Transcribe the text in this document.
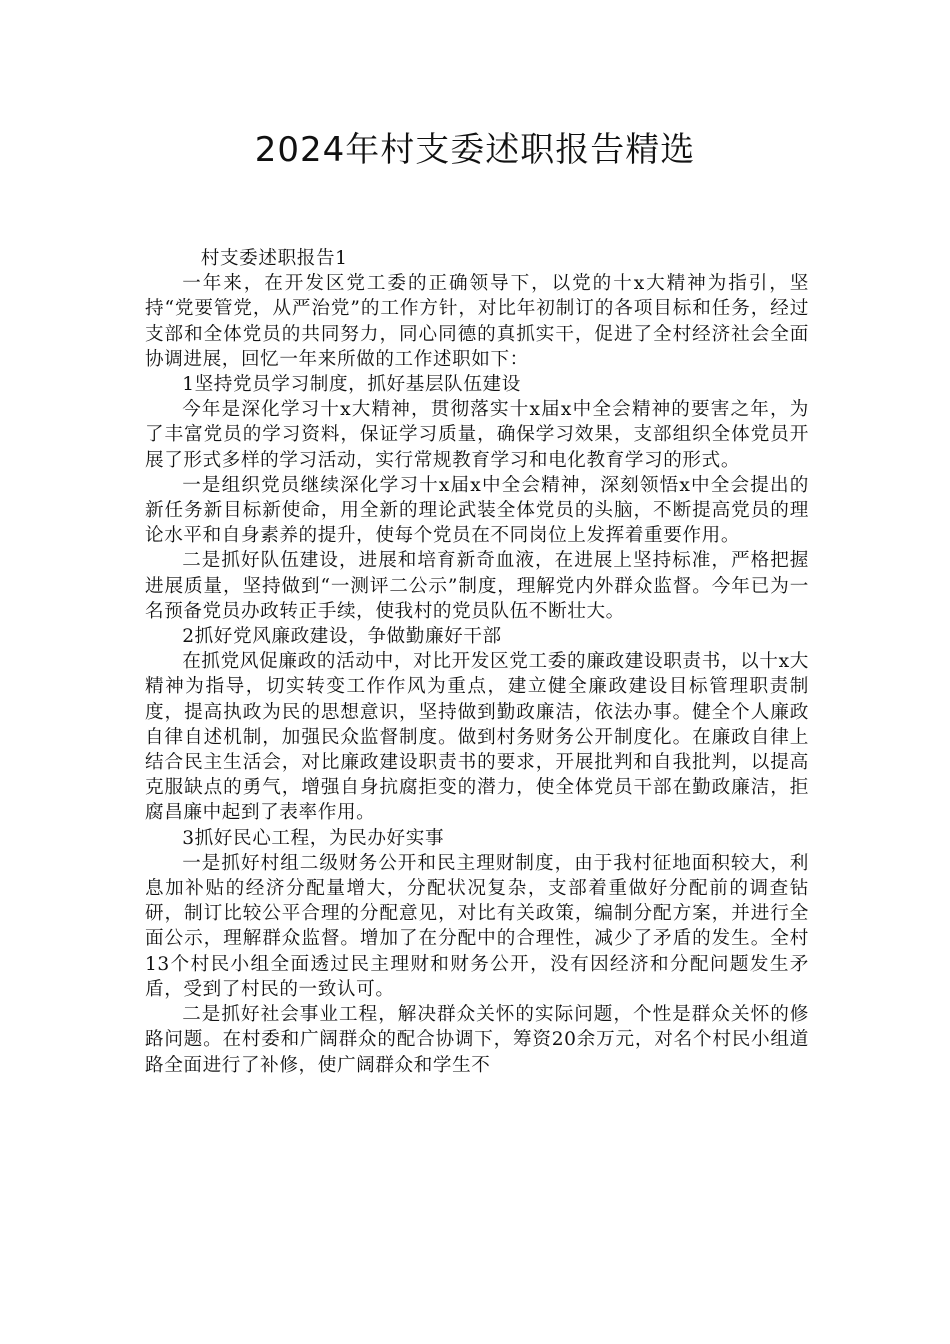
2024年村支委述职报告精选

村支委述职报告1

一年来，在开发区党工委的正确领导下，以党的十x大精神为指引，坚持“党要管党，从严治党”的工作方针，对比年初制订的各项目标和任务，经过支部和全体党员的共同努力，同心同德的真抓实干，促进了全村经济社会全面协调进展，回忆一年来所做的工作述职如下：

1坚持党员学习制度，抓好基层队伍建设

今年是深化学习十x大精神，贯彻落实十x届x中全会精神的要害之年，为了丰富党员的学习资料，保证学习质量，确保学习效果，支部组织全体党员开展了形式多样的学习活动，实行常规教育学习和电化教育学习的形式。

一是组织党员继续深化学习十x届x中全会精神，深刻领悟x中全会提出的新任务新目标新使命，用全新的理论武装全体党员的头脑，不断提高党员的理论水平和自身素养的提升，使每个党员在不同岗位上发挥着重要作用。

二是抓好队伍建设，进展和培育新奇血液，在进展上坚持标准，严格把握进展质量，坚持做到“一测评二公示”制度，理解党内外群众监督。今年已为一名预备党员办政转正手续，使我村的党员队伍不断壮大。

2抓好党风廉政建设，争做勤廉好干部

在抓党风促廉政的活动中，对比开发区党工委的廉政建设职责书，以十x大精神为指导，切实转变工作作风为重点，建立健全廉政建设目标管理职责制度，提高执政为民的思想意识，坚持做到勤政廉洁，依法办事。健全个人廉政自律自述机制，加强民众监督制度。做到村务财务公开制度化。在廉政自律上结合民主生活会，对比廉政建设职责书的要求，开展批判和自我批判，以提高克服缺点的勇气，增强自身抗腐拒变的潜力，使全体党员干部在勤政廉洁，拒腐昌廉中起到了表率作用。

3抓好民心工程，为民办好实事

一是抓好村组二级财务公开和民主理财制度，由于我村征地面积较大，利息加补贴的经济分配量增大，分配状况复杂，支部着重做好分配前的调查钻研，制订比较公平合理的分配意见，对比有关政策，编制分配方案，并进行全面公示，理解群众监督。增加了在分配中的合理性，减少了矛盾的发生。全村13个村民小组全面透过民主理财和财务公开，没有因经济和分配问题发生矛盾，受到了村民的一致认可。

二是抓好社会事业工程，解决群众关怀的实际问题，个性是群众关怀的修路问题。在村委和广阔群众的配合协调下，筹资20余万元，对名个村民小组道路全面进行了补修，使广阔群众和学生不
